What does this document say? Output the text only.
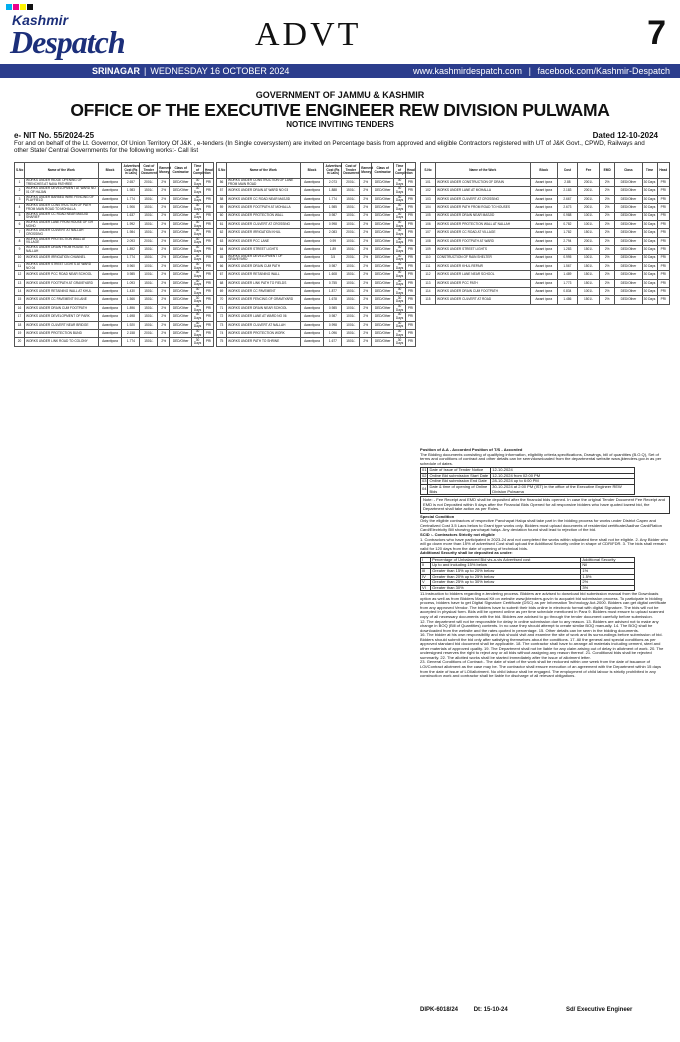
Kashmir
Despatch	ADVT	7
SRINAGAR | WEDNESDAY 16 OCTOBER 2024	www.kashmirdespatch.com | facebook.com/Kashmir-Despatch
GOVERNMENT OF JAMMU & KASHMIR
OFFICE OF THE EXECUTIVE ENGINEER REW DIVISION PULWAMA
NOTICE INVITING TENDERS
e- NIT No. 55/2024-25	Dated 12-10-2024
For and on behalf of the Lt. Governor, Of Union Territory Of J&K , e-tenders (In Single coversystem) are invited on Percentage basis from approved and eligible Contractors registered with UT of J&K Govt., CPWD, Railways and other State/ Central Governments for the following works:- Call list
S.No	Name of the Work	Block	Advertised Cost (Rs in Lacs)	Cost of Tender Document	Earnest Money	Class of Contractor	Time of Completion	Head
1	WORKS UNDER RIDGE OPENING OF TRENCHES AT NAVA PATHREE	Awantipora	2.657	2001/-	2%	DED/Other	30 Days	PRI
2	WORKS UNDER DEVELOPMENT AT WARD NO 01 OF HAJAN	Awantipora	1.983	1501/-	2%	DED/Other	30 Days	PRI
3	WORKS UNDER BARBED WIRE FENCING OF PLAYFIELD	Awantipora	1.774	1501/-	2%	DED/Other	30 Days	PRI
4	WORKS UNDER CONSTRUCTION OF PATH FROM MAIN ROAD TO MOHALLA	Awantipora	1.906	1501/-	2%	DED/Other	30 Days	PRI
5	WORKS UNDER CC ROAD NEAR MASJID SHARIEF	Awantipora	1.637	1501/-	2%	DED/Other	30 Days	PRI
6	WORKS UNDER LANE FROM HOUSE OF GH MOHD	Awantipora	1.992	1501/-	2%	DED/Other	30 Days	PRI
7	WORKS UNDER CULVERT AT NALLAH CROSSING	Awantipora	1.984	1501/-	2%	DED/Other	30 Days	PRI
8	WORKS UNDER PROTECTION WALL AT VILLAGE	Awantipora	2.093	2001/-	2%	DED/Other	30 Days	PRI
9	WORKS UNDER DRAIN FROM HOUSE TO NALLAH	Awantipora	1.892	1501/-	2%	DED/Other	30 Days	PRI
10	WORKS UNDER IRRIGATION CHANNEL	Awantipora	1.774	1501/-	2%	DED/Other	30 Days	PRI
11	WORKS UNDER STREET LIGHTS AT WARD NO 04	Awantipora	0.960	1001/-	2%	DED/Other	30 Days	PRI
12	WORKS UNDER PCC ROAD NEAR SCHOOL	Awantipora	0.985	1001/-	2%	DED/Other	30 Days	PRI
13	WORKS UNDER FOOTPATH AT GRAVEYARD	Awantipora	1.093	1501/-	2%	DED/Other	30 Days	PRI
14	WORKS UNDER RETAINING WALL AT KHUL	Awantipora	1.430	1501/-	2%	DED/Other	30 Days	PRI
15	WORKS UNDER CC PAVEMENT IN LANE	Awantipora	1.566	1501/-	2%	DED/Other	30 Days	PRI
16	WORKS UNDER DRAIN CUM FOOTPATH	Awantipora	1.896	1501/-	2%	DED/Other	30 Days	PRI
17	WORKS UNDER DEVELOPMENT OF PARK	Awantipora	1.698	1501/-	2%	DED/Other	30 Days	PRI
18	WORKS UNDER CULVERT NEAR BRIDGE	Awantipora	1.920	1501/-	2%	DED/Other	30 Days	PRI
19	WORKS UNDER PROTECTION BUND	Awantipora	2.158	2001/-	2%	DED/Other	30 Days	PRI
20	WORKS UNDER LINK ROAD TO COLONY	Awantipora	1.774	1501/-	2%	DED/Other	30 Days	PRI
S.No	Name of the Work	Block	Advertised Cost (Rs in Lacs)	Cost of Tender Document	Earnest Money	Class of Contractor	Time of Completion	Head
56	WORKS UNDER CONSTRUCTION OF LANE FROM MAIN ROAD	Awantipora	2.073	2001/-	2%	DED/Other	30 Days	PRI
57	WORKS UNDER DRAIN AT WARD NO 03	Awantipora	1.888	1501/-	2%	DED/Other	30 Days	PRI
58	WORKS UNDER CC ROAD NEAR MASJID	Awantipora	1.774	1501/-	2%	DED/Other	30 Days	PRI
59	WORKS UNDER FOOTPATH AT MOHALLA	Awantipora	1.985	1501/-	2%	DED/Other	30 Days	PRI
60	WORKS UNDER PROTECTION WALL	Awantipora	0.987	1001/-	2%	DED/Other	30 Days	PRI
61	WORKS UNDER CULVERT AT CROSSING	Awantipora	0.998	1001/-	2%	DED/Other	30 Days	PRI
62	WORKS UNDER IRRIGATION KHUL	Awantipora	2.083	2001/-	2%	DED/Other	30 Days	PRI
63	WORKS UNDER PCC LANE	Awantipora	0.99	1001/-	2%	DED/Other	30 Days	PRI
64	WORKS UNDER STREET LIGHTS	Awantipora	1.89	1501/-	2%	DED/Other	30 Days	PRI
65	WORKS UNDER DEVELOPMENT OF GRAVEYARD	Awantipora	3.5	2001/-	2%	DED/Other	30 Days	PRI
66	WORKS UNDER DRAIN CUM PATH	Awantipora	0.987	1001/-	2%	DED/Other	30 Days	PRI
67	WORKS UNDER RETAINING WALL	Awantipora	1.608	1501/-	2%	DED/Other	30 Days	PRI
68	WORKS UNDER LINK PATH TO FIELDS	Awantipora	0.755	1001/-	2%	DED/Other	30 Days	PRI
69	WORKS UNDER CC PAVEMENT	Awantipora	1.877	1501/-	2%	DED/Other	30 Days	PRI
70	WORKS UNDER FENCING OF GRAVEYARD	Awantipora	1.678	1501/-	2%	DED/Other	30 Days	PRI
71	WORKS UNDER DRAIN NEAR SCHOOL	Awantipora	0.985	1001/-	2%	DED/Other	30 Days	PRI
72	WORKS UNDER LANE AT WARD NO 06	Awantipora	0.987	1001/-	2%	DED/Other	30 Days	PRI
73	WORKS UNDER CULVERT AT NALLAH	Awantipora	0.998	1001/-	2%	DED/Other	30 Days	PRI
74	WORKS UNDER PROTECTION WORK	Awantipora	1.096	1501/-	2%	DED/Other	30 Days	PRI
75	WORKS UNDER PATH TO SHRINE	Awantipora	1.677	1501/-	2%	DED/Other	30 Days	PRI
S.No	Name of the Work	Block	Cost	Fee	EMD	Class	Time	Head
101	WORKS UNDER CONSTRUCTION OF DRAIN	Awant ipora	2.88	2001/-	2%	DED/Other	30 Days	PRI
102	WORKS UNDER LANE AT MOHALLA	Awant ipora	2.183	2001/-	2%	DED/Other	30 Days	PRI
103	WORKS UNDER CULVERT AT CROSSING	Awant ipora	2.667	2001/-	2%	DED/Other	30 Days	PRI
104	WORKS UNDER PATH FROM ROAD TO HOUSES	Awant ipora	2.673	2001/-	2%	DED/Other	30 Days	PRI
105	WORKS UNDER DRAIN NEAR MASJID	Awant ipora	0.988	1001/-	2%	DED/Other	30 Days	PRI
106	WORKS UNDER PROTECTION WALL AT NALLAH	Awant ipora	0.782	1001/-	2%	DED/Other	30 Days	PRI
107	WORKS UNDER CC ROAD AT VILLAGE	Awant ipora	1.782	1501/-	2%	DED/Other	30 Days	PRI
108	WORKS UNDER FOOTPATH AT WARD	Awant ipora	2.794	2001/-	2%	DED/Other	30 Days	PRI
109	WORKS UNDER STREET LIGHTS	Awant ipora	1.283	1501/-	2%	DED/Other	30 Days	PRI
110	CONSTRUCTION OF RAIN SHELTER	Awant ipora	0.995	1001/-	2%	DED/Other	30 Days	PRI
111	WORKS UNDER KHUL REPAIR	Awant ipora	1.567	1501/-	2%	DED/Other	30 Days	PRI
112	WORKS UNDER LANE NEAR SCHOOL	Awant ipora	1.489	1501/-	2%	DED/Other	30 Days	PRI
113	WORKS UNDER PCC PATH	Awant ipora	1.773	1501/-	2%	DED/Other	30 Days	PRI
114	WORKS UNDER DRAIN CUM FOOTPATH	Awant ipora	0.834	1001/-	2%	DED/Other	30 Days	PRI
115	WORKS UNDER CULVERT AT ROAD	Awant ipora	1.486	1501/-	2%	DED/Other	30 Days	PRI

Position of A.A - Accorded Position of T/S - Accorded

The Bidding documents consisting of qualifying information, eligibility criteria,specifications, Drawings, bill of quantities (B.O.Q), Set of terms and conditions of contract and other details can be seen/downloaded from the departmental website www.jktenders.gov.in as per schedule of dates.

01	Date of Issue of Tender Notice	12-10-2024
02	Online Bid submission Start Date	12-10-2024 from 02:00 PM
03	Online Bid submission End Date	28-10-2024 up to 6:00 PM
04	Date & time of opening of Online Bids	30-10-2024 at 2:00 PM (IST) in the office of the Executive Engineer REW Division Pulwama
Note: - Fee Receipt and EMD shall be deposited after the financial bids opened. In case the original Tender Document Fee Receipt and EMD is not Deposited within 5 days after the Financial Bids Opened for all responsive bidders who have quoted lowest bid, the Department shall take action as per Rules.

Special Condition

Only the eligible contractors of respective Panchayat Halqa shall take part in the bidding process for works under District Capex and Centralized Cost 3.5 Lacs below to Grant type works only. Bidders must upload documents of residential certificate/Aadhar Card/Ration Card/Electricity Bill showing panchayat halqa. Any deviation found shall lead to rejection of the bid.

SCID :- Contractors Strictly not eligible

1. Contractors who have participated in 2023-24 and not completed the works within stipulated time shall not be eligible. 2. Any Bidder who will go down more than 15% of advertised Cost shall upload the Additional Security online in shape of CDR/FDR. 3. The bids shall remain valid for 120 days from the date of opening of technical bids.

Additional Security shall be deposited as under:

I	Percentage of Unbalanced Bid vis-a-vis Advertised cost	Additional Security
II	Up to and including 15% below	Nil
III	Greater than 15% up to 20% below	1%
IV	Greater than 20% up to 25% below	1.5%
V	Greater than 25% up to 30% below	2%
VI	Greater than 30%	3%

11.Instruction to bidders regarding e-tendering process. Bidders are advised to download bid submission manual from the Downloads option as well as from Bidders Manual Kit on website www.jktenders.gov.in to acquaint bid submission process. To participate in bidding process, bidders have to get Digital Signature Certificate (DSC) as per Information Technology Act-2000. Bidders can get digital certificate from any approved Vendor. The bidders have to submit their bids online in electronic format with digital Signature. The bids will not be accepted in physical form. Bids will be opened online as per time schedule mentioned in Para 9. Bidders must ensure to upload scanned copy of all necessary documents with the bid. Bidders are advised to go through the tender document carefully before submission.

12. The department will not be responsible for delay in online submission due to any reason. 13. Bidders are advised not to make any change in BOQ (Bill of Quantities) contents. In no case they should attempt to create similar BOQ manually. 14. The BOQ shall be downloaded from the website and the rates quoted in percentage. 15. Other details can be seen in the bidding documents.

16. The bidder at his own responsibility and risk should visit and examine the site of work and its surroundings before submission of bid. Bidders should submit the bid only after satisfying themselves about the conditions. 17. All the general and special conditions as per approved standard bid document shall be applicable. 18. The contractor shall have to arrange all materials including cement, steel and other materials of approved quality. 19. The Department shall not be liable for any claim arising out of delay in allotment of work. 20. The undersigned reserves the right to reject any or all bids without assigning any reason thereof. 21. Conditional bids shall be rejected summarily. 22. The allotted works shall be started immediately after the issue of allotment letter.

23. General Conditions of Contract:- The date of start of the work shall be reckoned within one week from the date of issuance of LOI/Contract allotment as the case may be. The contractor shall ensure execution of an agreement with the Department within 15 days from the date of issue of LOI/allotment. No child labour shall be engaged. The employment of child labour is strictly prohibited in any construction work and contractor shall be liable for discharge of all relevant obligations.

DIPK-6018/24	Dt: 15-10-24	Sd/ Executive Engineer
